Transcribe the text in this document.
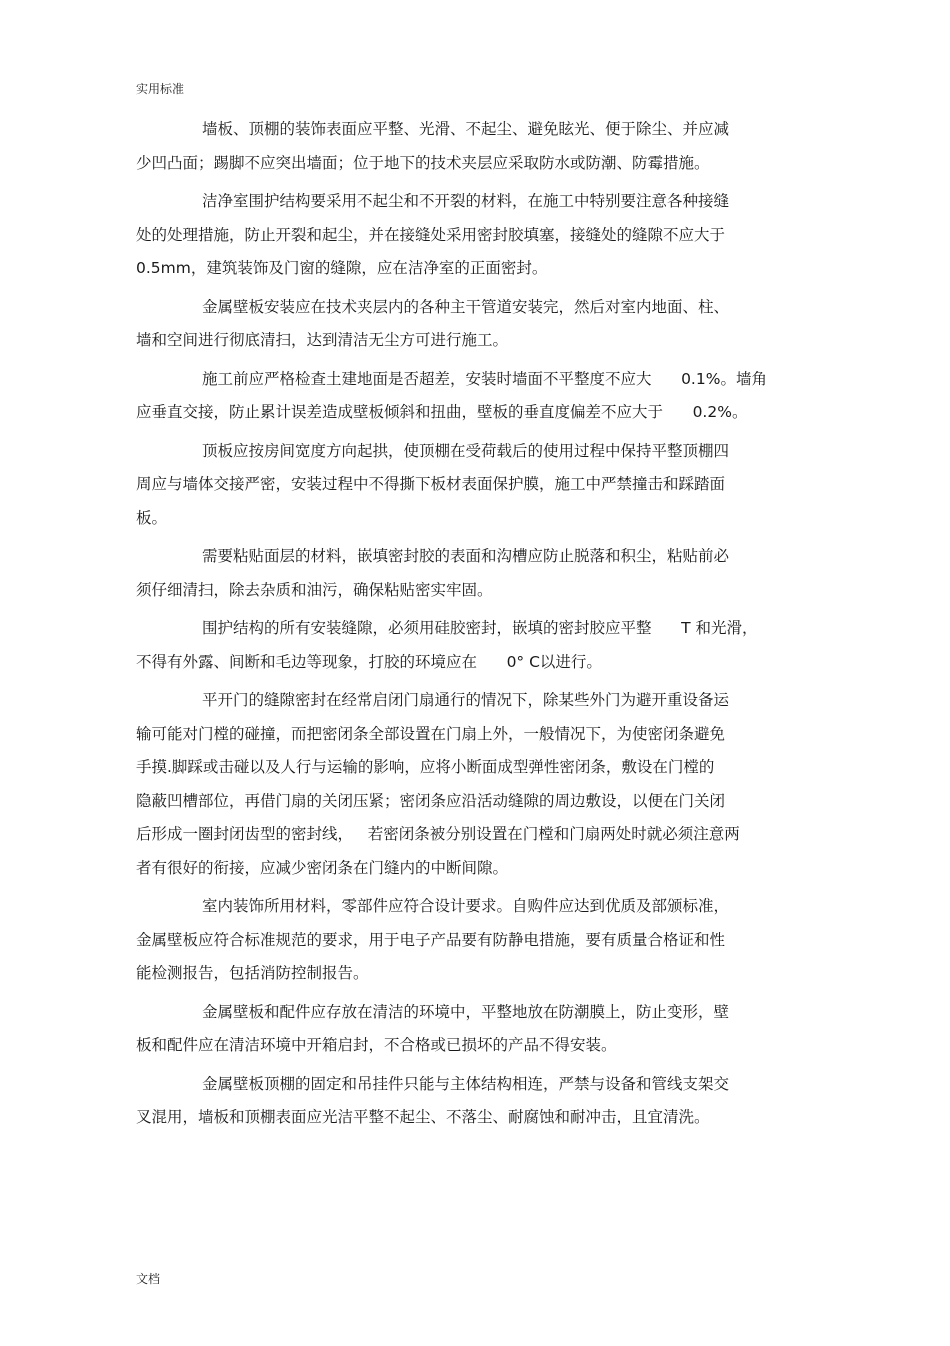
实用标准
墙板、顶棚的装饰表面应平整、光滑、不起尘、避免眩光、便于除尘、并应减
少凹凸面；踢脚不应突出墙面；位于地下的技术夹层应采取防水或防潮、防霉措施。
洁净室围护结构要采用不起尘和不开裂的材料，在施工中特别要注意各种接缝
处的处理措施，防止开裂和起尘，并在接缝处采用密封胶填塞，接缝处的缝隙不应大于
0.5mm，建筑装饰及门窗的缝隙，应在洁净室的正面密封。
金属壁板安装应在技术夹层内的各种主干管道安装完，然后对室内地面、柱、
墙和空间进行彻底清扫，达到清洁无尘方可进行施工。
施工前应严格检查土建地面是否超差，安装时墙面不平整度不应大      0.1%。墙角
应垂直交接，防止累计误差造成壁板倾斜和扭曲，壁板的垂直度偏差不应大于      0.2%。
顶板应按房间宽度方向起拱，使顶棚在受荷载后的使用过程中保持平整顶棚四
周应与墙体交接严密，安装过程中不得撕下板材表面保护膜，施工中严禁撞击和踩踏面
板。
需要粘贴面层的材料，嵌填密封胶的表面和沟槽应防止脱落和积尘，粘贴前必
须仔细清扫，除去杂质和油污，确保粘贴密实牢固。
围护结构的所有安装缝隙，必须用硅胶密封，嵌填的密封胶应平整      T 和光滑，
不得有外露、间断和毛边等现象，打胶的环境应在      0° C以进行。
平开门的缝隙密封在经常启闭门扇通行的情况下，除某些外门为避开重设备运
输可能对门樘的碰撞，而把密闭条全部设置在门扇上外，一般情况下，为使密闭条避免
手摸.脚踩或击碰以及人行与运输的影响，应将小断面成型弹性密闭条，敷设在门樘的
隐蔽凹槽部位，再借门扇的关闭压紧；密闭条应沿活动缝隙的周边敷设，以便在门关闭
后形成一圈封闭齿型的密封线，   若密闭条被分别设置在门樘和门扇两处时就必须注意两
者有很好的衔接，应减少密闭条在门缝内的中断间隙。
室内装饰所用材料，零部件应符合设计要求。自购件应达到优质及部颁标准，
金属壁板应符合标准规范的要求，用于电子产品要有防静电措施，要有质量合格证和性
能检测报告，包括消防控制报告。
金属壁板和配件应存放在清洁的环境中，平整地放在防潮膜上，防止变形，壁
板和配件应在清洁环境中开箱启封，不合格或已损坏的产品不得安装。
金属壁板顶棚的固定和吊挂件只能与主体结构相连，严禁与设备和管线支架交
叉混用，墙板和顶棚表面应光洁平整不起尘、不落尘、耐腐蚀和耐冲击，且宜清洗。
文档
